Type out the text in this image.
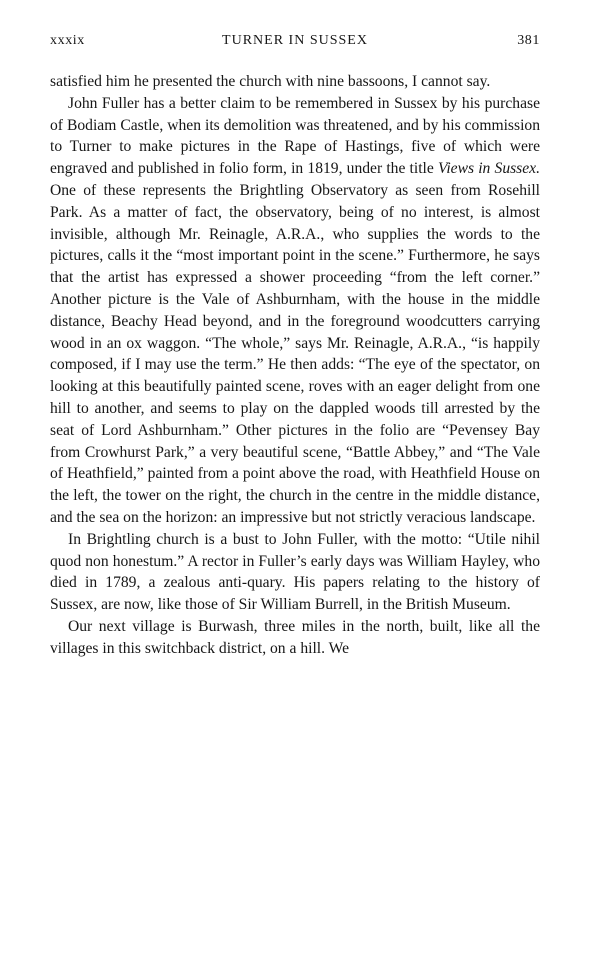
xxxix	TURNER IN SUSSEX	381

satisfied him he presented the church with nine bassoons, I cannot say.

John Fuller has a better claim to be remembered in Sussex by his purchase of Bodiam Castle, when its demolition was threatened, and by his commission to Turner to make pictures in the Rape of Hastings, five of which were engraved and published in folio form, in 1819, under the title Views in Sussex. One of these represents the Brightling Observatory as seen from Rosehill Park. As a matter of fact, the observatory, being of no interest, is almost invisible, although Mr. Reinagle, A.R.A., who supplies the words to the pictures, calls it the “most important point in the scene.” Furthermore, he says that the artist has expressed a shower proceeding “from the left corner.” Another picture is the Vale of Ashburnham, with the house in the middle distance, Beachy Head beyond, and in the foreground woodcutters carrying wood in an ox waggon. “The whole,” says Mr. Reinagle, A.R.A., “is happily composed, if I may use the term.” He then adds: “The eye of the spectator, on looking at this beautifully painted scene, roves with an eager delight from one hill to another, and seems to play on the dappled woods till arrested by the seat of Lord Ashburnham.” Other pictures in the folio are “Pevensey Bay from Crowhurst Park,” a very beautiful scene, “Battle Abbey,” and “The Vale of Heathfield,” painted from a point above the road, with Heathfield House on the left, the tower on the right, the church in the centre in the middle distance, and the sea on the horizon: an impressive but not strictly veracious landscape.

In Brightling church is a bust to John Fuller, with the motto: “Utile nihil quod non honestum.” A rector in Fuller’s early days was William Hayley, who died in 1789, a zealous anti-quary. His papers relating to the history of Sussex, are now, like those of Sir William Burrell, in the British Museum.

Our next village is Burwash, three miles in the north, built, like all the villages in this switchback district, on a hill. We
